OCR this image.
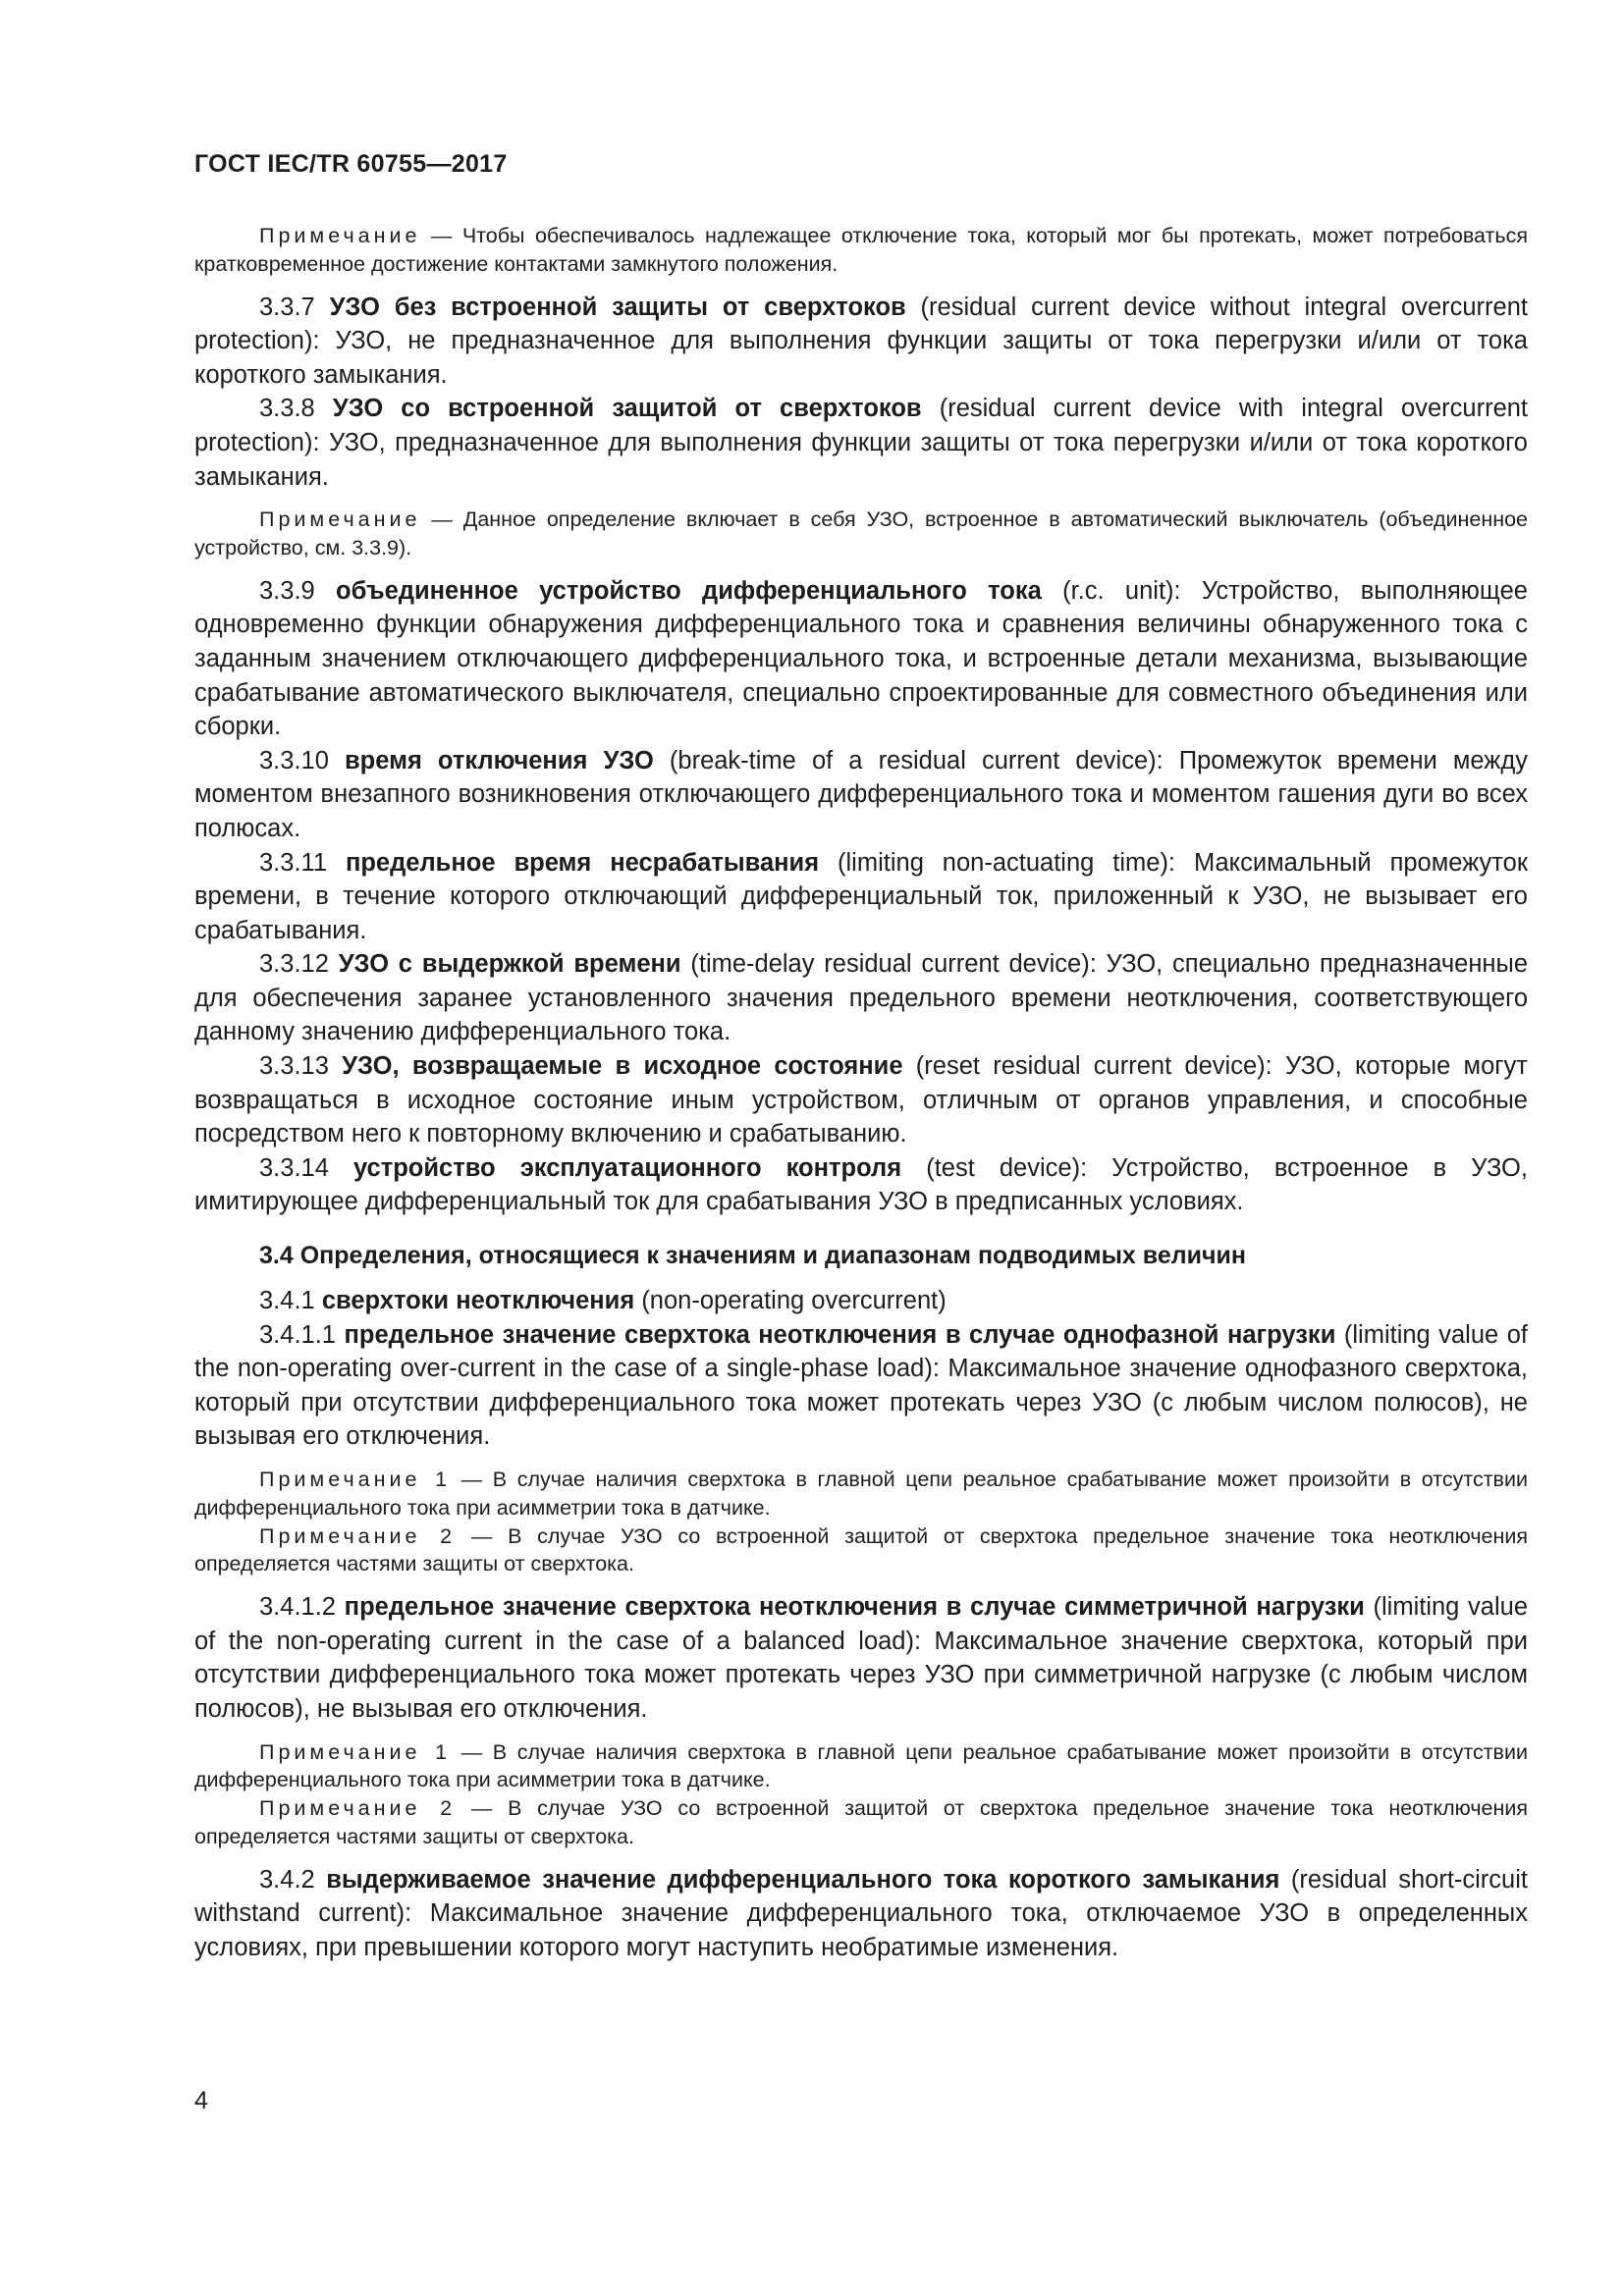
ГОСТ IEC/TR 60755—2017

Примечание — Чтобы обеспечивалось надлежащее отключение тока, который мог бы протекать, может потребоваться кратковременное достижение контактами замкнутого положения.

3.3.7 УЗО без встроенной защиты от сверхтоков (residual current device without integral overcurrent protection): УЗО, не предназначенное для выполнения функции защиты от тока перегрузки и/или от тока короткого замыкания.

3.3.8 УЗО со встроенной защитой от сверхтоков (residual current device with integral overcurrent protection): УЗО, предназначенное для выполнения функции защиты от тока перегрузки и/или от тока короткого замыкания.

Примечание — Данное определение включает в себя УЗО, встроенное в автоматический выключатель (объединенное устройство, см. 3.3.9).

3.3.9 объединенное устройство дифференциального тока (r.c. unit): Устройство, выполняющее одновременно функции обнаружения дифференциального тока и сравнения величины обнаруженного тока с заданным значением отключающего дифференциального тока, и встроенные детали механизма, вызывающие срабатывание автоматического выключателя, специально спроектированные для совместного объединения или сборки.

3.3.10 время отключения УЗО (break-time of a residual current device): Промежуток времени между моментом внезапного возникновения отключающего дифференциального тока и моментом гашения дуги во всех полюсах.

3.3.11 предельное время несрабатывания (limiting non-actuating time): Максимальный промежуток времени, в течение которого отключающий дифференциальный ток, приложенный к УЗО, не вызывает его срабатывания.

3.3.12 УЗО с выдержкой времени (time-delay residual current device): УЗО, специально предназначенные для обеспечения заранее установленного значения предельного времени неотключения, соответствующего данному значению дифференциального тока.

3.3.13 УЗО, возвращаемые в исходное состояние (reset residual current device): УЗО, которые могут возвращаться в исходное состояние иным устройством, отличным от органов управления, и способные посредством него к повторному включению и срабатыванию.

3.3.14 устройство эксплуатационного контроля (test device): Устройство, встроенное в УЗО, имитирующее дифференциальный ток для срабатывания УЗО в предписанных условиях.

3.4 Определения, относящиеся к значениям и диапазонам подводимых величин

3.4.1 сверхтоки неотключения (non-operating overcurrent)

3.4.1.1 предельное значение сверхтока неотключения в случае однофазной нагрузки (limiting value of the non-operating over-current in the case of a single-phase load): Максимальное значение однофазного сверхтока, который при отсутствии дифференциального тока может протекать через УЗО (с любым числом полюсов), не вызывая его отключения.

Примечание 1 — В случае наличия сверхтока в главной цепи реальное срабатывание может произойти в отсутствии дифференциального тока при асимметрии тока в датчике.

Примечание 2 — В случае УЗО со встроенной защитой от сверхтока предельное значение тока неотключения определяется частями защиты от сверхтока.

3.4.1.2 предельное значение сверхтока неотключения в случае симметричной нагрузки (limiting value of the non-operating current in the case of a balanced load): Максимальное значение сверхтока, который при отсутствии дифференциального тока может протекать через УЗО при симметричной нагрузке (с любым числом полюсов), не вызывая его отключения.

Примечание 1 — В случае наличия сверхтока в главной цепи реальное срабатывание может произойти в отсутствии дифференциального тока при асимметрии тока в датчике.

Примечание 2 — В случае УЗО со встроенной защитой от сверхтока предельное значение тока неотключения определяется частями защиты от сверхтока.

3.4.2 выдерживаемое значение дифференциального тока короткого замыкания (residual short-circuit withstand current): Максимальное значение дифференциального тока, отключаемое УЗО в определенных условиях, при превышении которого могут наступить необратимые изменения.

4
